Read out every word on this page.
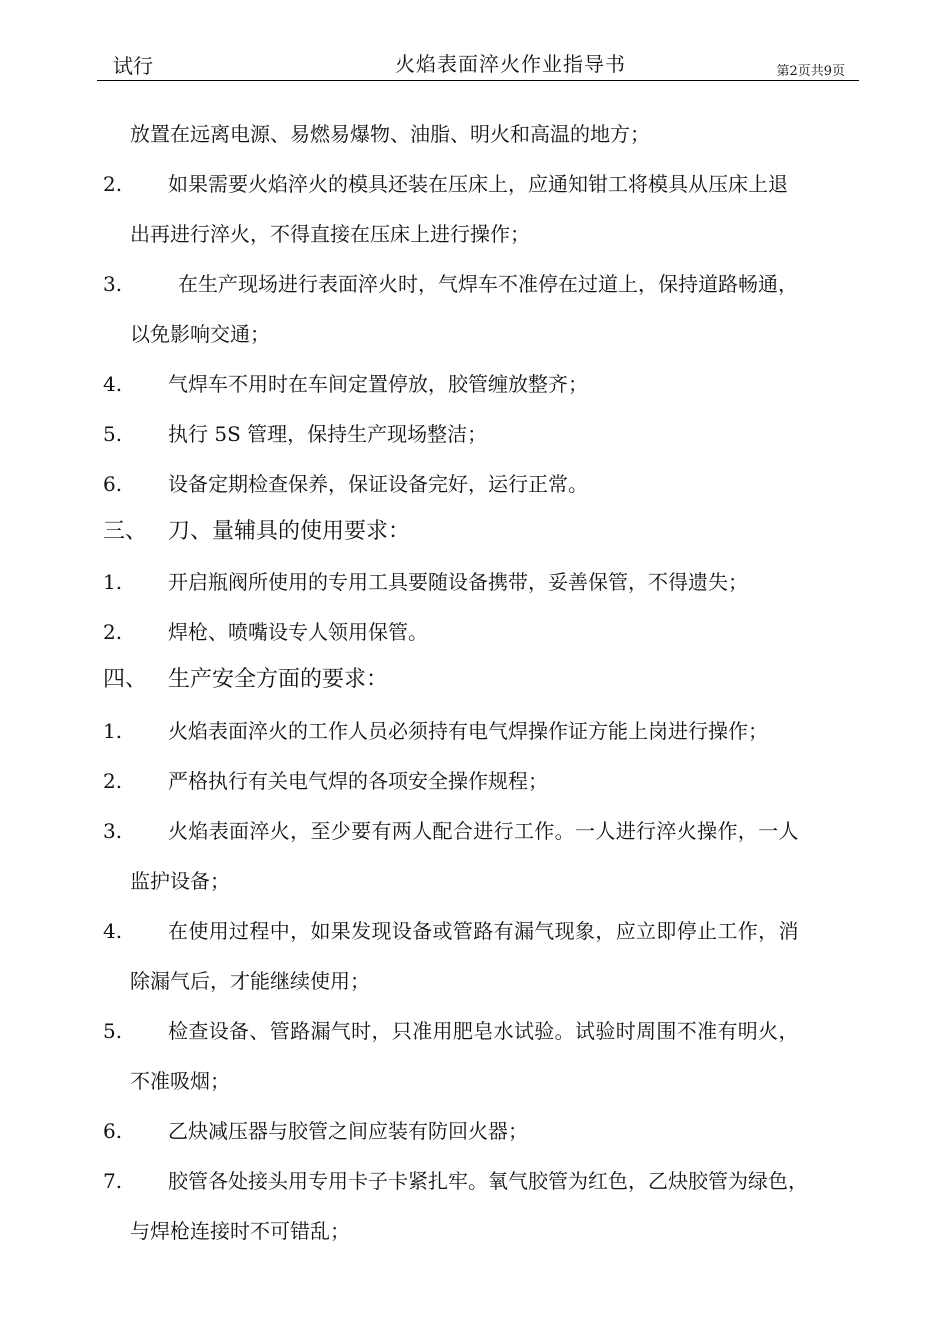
试行	火焰表面淬火作业指导书	第2页共9页
放置在远离电源、易燃易爆物、油脂、明火和高温的地方；
2. 如果需要火焰淬火的模具还装在压床上，应通知钳工将模具从压床上退
出再进行淬火，不得直接在压床上进行操作；
3.	在生产现场进行表面淬火时，气焊车不准停在过道上，保持道路畅通，
以免影响交通；
4. 气焊车不用时在车间定置停放，胶管缠放整齐；
5. 执行 5S 管理，保持生产现场整洁；
6. 设备定期检查保养，保证设备完好，运行正常。
三、 刀、量辅具的使用要求：
1. 开启瓶阀所使用的专用工具要随设备携带，妥善保管，不得遗失；
2. 焊枪、喷嘴设专人领用保管。
四、 生产安全方面的要求：
1. 火焰表面淬火的工作人员必须持有电气焊操作证方能上岗进行操作；
2. 严格执行有关电气焊的各项安全操作规程；
3. 火焰表面淬火，至少要有两人配合进行工作。一人进行淬火操作，一人
监护设备；
4. 在使用过程中，如果发现设备或管路有漏气现象，应立即停止工作，消
除漏气后，才能继续使用；
5. 检查设备、管路漏气时，只准用肥皂水试验。试验时周围不准有明火，
不准吸烟；
6. 乙炔减压器与胶管之间应装有防回火器；
7. 胶管各处接头用专用卡子卡紧扎牢。氧气胶管为红色，乙炔胶管为绿色，
与焊枪连接时不可错乱；
